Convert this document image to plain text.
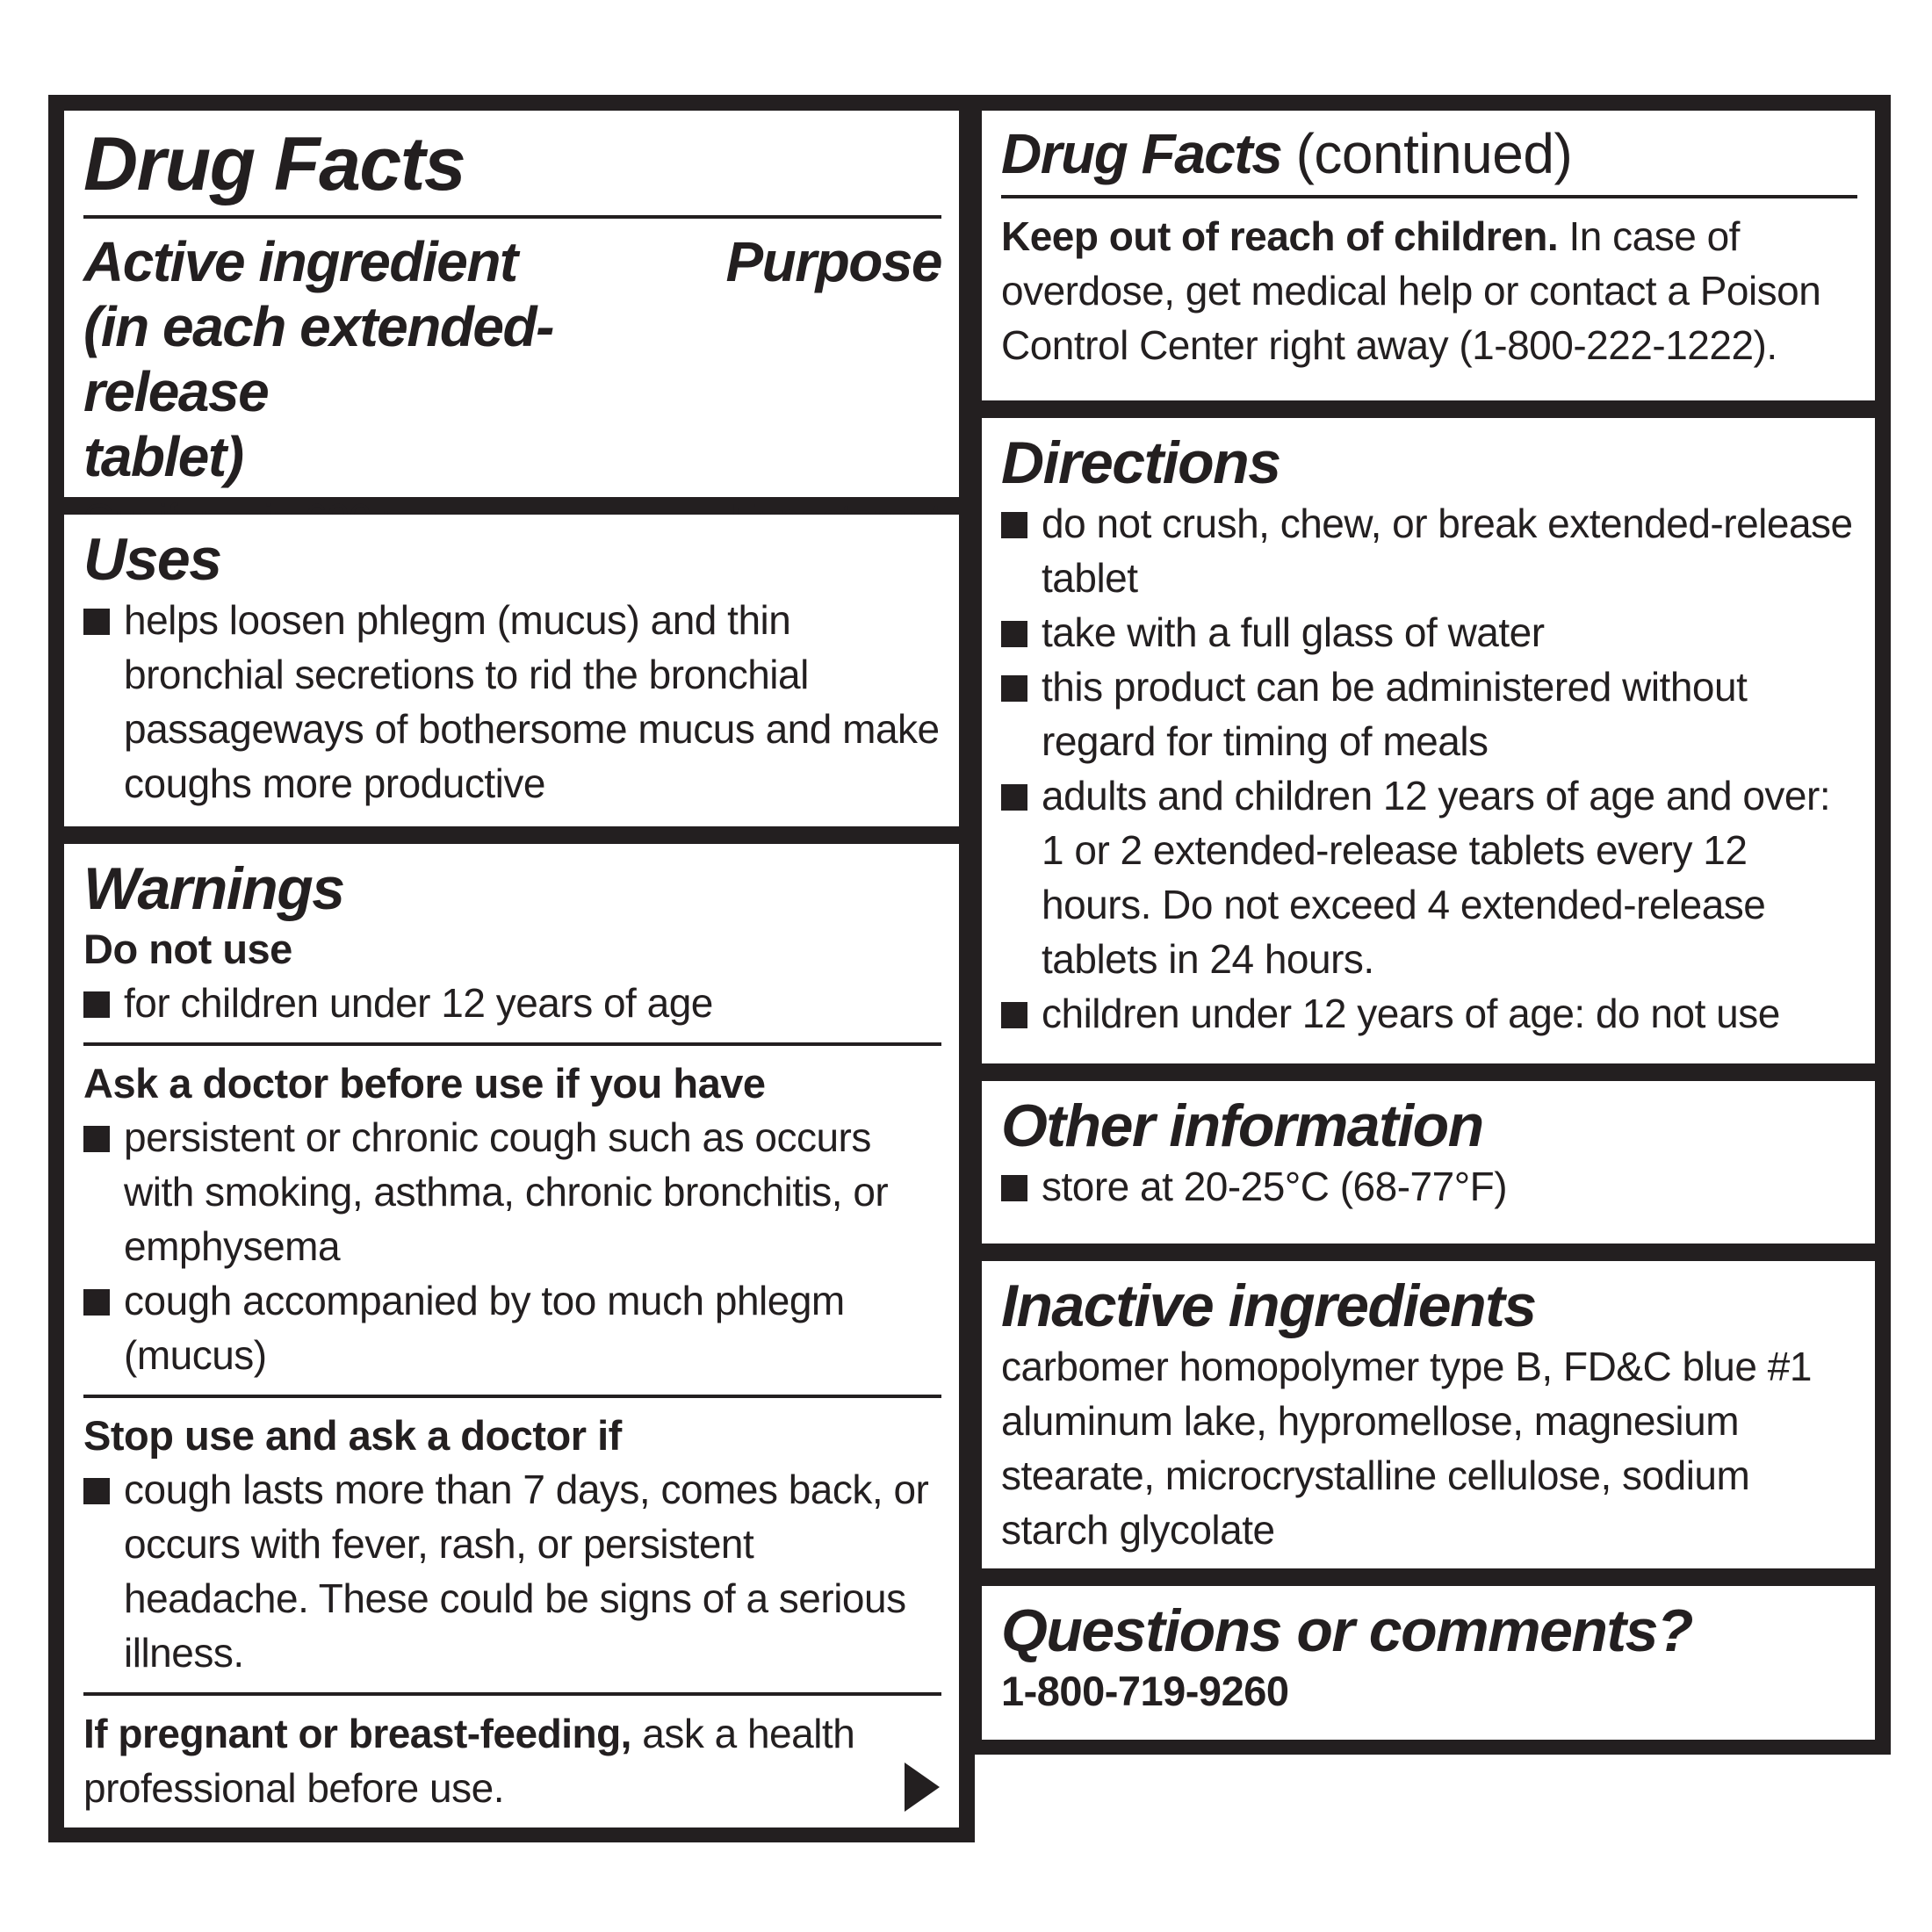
Drug Facts
Active ingredient
(in each extended-release
tablet)
Purpose
Uses
helps loosen phlegm (mucus) and thin bronchial secretions to rid the bronchial passageways of bothersome mucus and make coughs more productive
Warnings
Do not use
for children under 12 years of age
Ask a doctor before use if you have
persistent or chronic cough such as occurs with smoking, asthma, chronic bronchitis, or emphysema
cough accompanied by too much phlegm (mucus)
Stop use and ask a doctor if
cough lasts more than 7 days, comes back, or occurs with fever, rash, or persistent headache. These could be signs of a serious illness.
If pregnant or breast-feeding, ask a health professional before use.
Drug Facts (continued)
Keep out of reach of children. In case of overdose, get medical help or contact a Poison Control Center right away (1-800-222-1222).
Directions
do not crush, chew, or break extended-release tablet
take with a full glass of water
this product can be administered without regard for timing of meals
adults and children 12 years of age and over: 1 or 2 extended-release tablets every 12 hours. Do not exceed 4 extended-release tablets in 24 hours.
children under 12 years of age: do not use
Other information
store at 20-25°C (68-77°F)
Inactive ingredients
carbomer homopolymer type B, FD&C blue #1 aluminum lake, hypromellose, magnesium stearate, microcrystalline cellulose, sodium starch glycolate
Questions or comments?
1-800-719-9260
